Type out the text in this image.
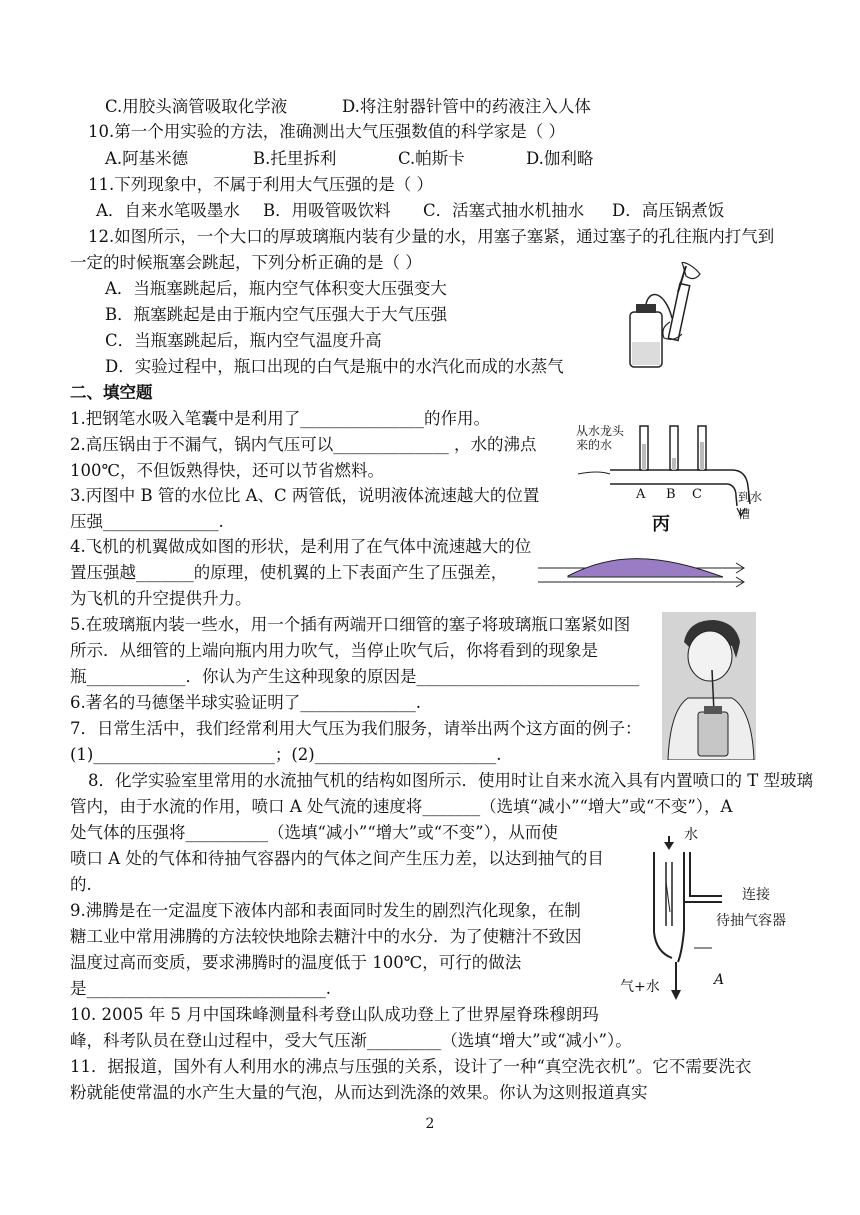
C.用胶头滴管吸取化学液	D.将注射器针管中的药液注入人体
10.第一个用实验的方法，准确测出大气压强数值的科学家是（ ）
A.阿基米德	B.托里拆利	C.帕斯卡	D.伽利略
11.下列现象中，不属于利用大气压强的是（ ）
A．自来水笔吸墨水 B．用吸管吸饮料 C．活塞式抽水机抽水 D．高压锅煮饭
12.如图所示，一个大口的厚玻璃瓶内装有少量的水，用塞子塞紧，通过塞子的孔往瓶内打气到
一定的时候瓶塞会跳起，下列分析正确的是（ ）
A．当瓶塞跳起后，瓶内空气体积变大压强变大
B．瓶塞跳起是由于瓶内空气压强大于大气压强
C．当瓶塞跳起后，瓶内空气温度升高
D．实验过程中，瓶口出现的白气是瓶中的水汽化而成的水蒸气
二、填空题
1.把钢笔水吸入笔囊中是利用了_______________的作用。
2.高压锅由于不漏气，锅内气压可以______________ ，水的沸点
100℃，不但饭熟得快，还可以节省燃料。
3.丙图中 B 管的水位比 A、C 两管低，说明液体流速越大的位置
压强______________.
从水龙头
来的水
A B C	到水槽
丙
4.飞机的机翼做成如图的形状，是利用了在气体中流速越大的位
置压强越_______的原理，使机翼的上下表面产生了压强差，
为飞机的升空提供升力。
5.在玻璃瓶内装一些水，用一个插有两端开口细管的塞子将玻璃瓶口塞紧如图
所示．从细管的上端向瓶内用力吹气，当停止吹气后，你将看到的现象是
瓶____________．你认为产生这种现象的原因是___________________________
6.著名的马德堡半球实验证明了______________.
7．日常生活中，我们经常利用大气压为我们服务，请举出两个这方面的例子：
(1)______________________；(2)______________________.
8．化学实验室里常用的水流抽气机的结构如图所示．使用时让自来水流入具有内置喷口的 T 型玻璃
管内，由于水流的作用，喷口 A 处气流的速度将_______（选填“减小”“增大”或“不变”），A
处气体的压强将__________（选填“减小”“增大”或“不变”），从而使
喷口 A 处的气体和待抽气容器内的气体之间产生压力差，以达到抽气的目
的.
水
连接
待抽气容器
A
气+水
9.沸腾是在一定温度下液体内部和表面同时发生的剧烈汽化现象，在制
糖工业中常用沸腾的方法较快地除去糖汁中的水分．为了使糖汁不致因
温度过高而变质，要求沸腾时的温度低于 100℃，可行的做法
是_____________________________.
10. 2005 年 5 月中国珠峰测量科考登山队成功登上了世界屋脊珠穆朗玛
峰，科考队员在登山过程中，受大气压渐_________（选填“增大”或“减小”）。
11．据报道，国外有人利用水的沸点与压强的关系，设计了一种“真空洗衣机”。它不需要洗衣
粉就能使常温的水产生大量的气泡，从而达到洗涤的效果。你认为这则报道真实
2
